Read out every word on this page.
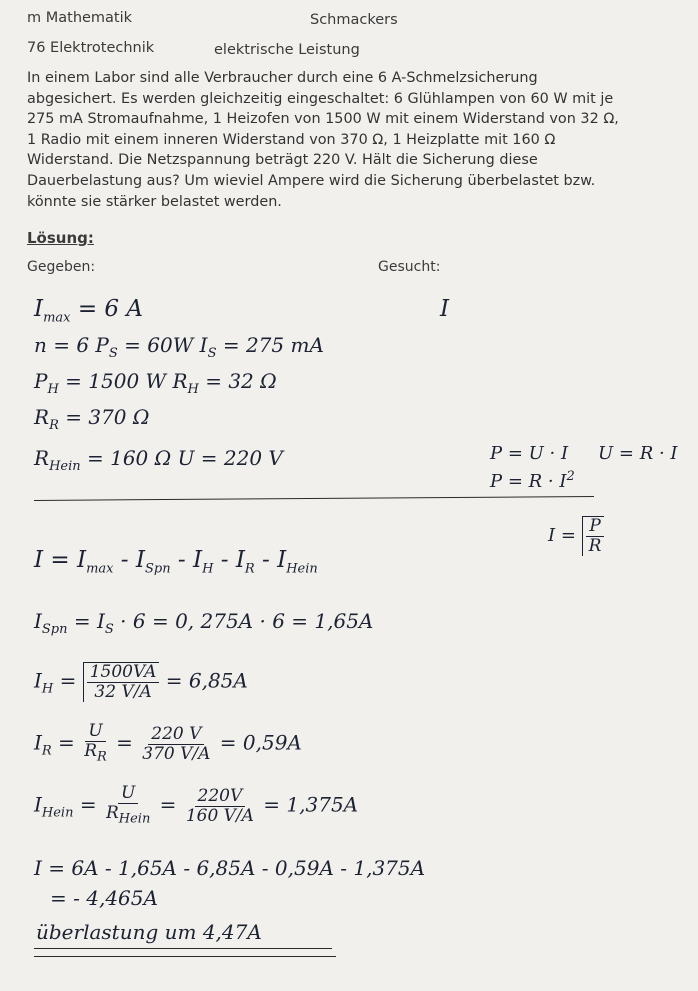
m Mathematik	Schmackers
76 Elektrotechnik	elektrische Leistung
In einem Labor sind alle Verbraucher durch eine 6 A-Schmelzsicherung
abgesichert. Es werden gleichzeitig eingeschaltet: 6 Glühlampen von 60 W mit je
275 mA Stromaufnahme, 1 Heizofen von 1500 W mit einem Widerstand von 32 Ω,
1 Radio mit einem inneren Widerstand von 370 Ω, 1 Heizplatte mit 160 Ω
Widerstand. Die Netzspannung beträgt 220 V. Hält die Sicherung diese
Dauerbelastung aus? Um wieviel Ampere wird die Sicherung überbelastet bzw.
könnte sie stärker belastet werden.
Lösung:
Gegeben:	Gesucht:
$I_{max} = 6$ A
n = 6 $P_S = 60W$ $I_S = 275$ mA
$P_H = 1500$ W $R_H = 32$ Ω
$R_R = 370$ Ω
$R_{Hein} = 160$ Ω U = 220 V
I
P = U · I U = R · I
$P = R \cdot I^2$
$I = \frac{P}{R}$
$I = I_{max} - I_{Spn} - I_H - I_R - I_{Hein}$
$I_{Spn} = I_S \cdot 6 = 0$, 275A · 6 = 1,65A
$I_H = \frac{1500VA}{32 V/A} = 6,85A$
$I_R = \frac{U}{R_R} = \frac{220 V}{370 V/A} = 0,59A$
$I_{Hein} = \frac{U}{R_{Hein}} = \frac{220V}{160 V/A} = 1,375A$
I = 6A - 1,65A - 6,85A - 0,59A - 1,375A
= - 4,465A
überlastung um 4,47A
